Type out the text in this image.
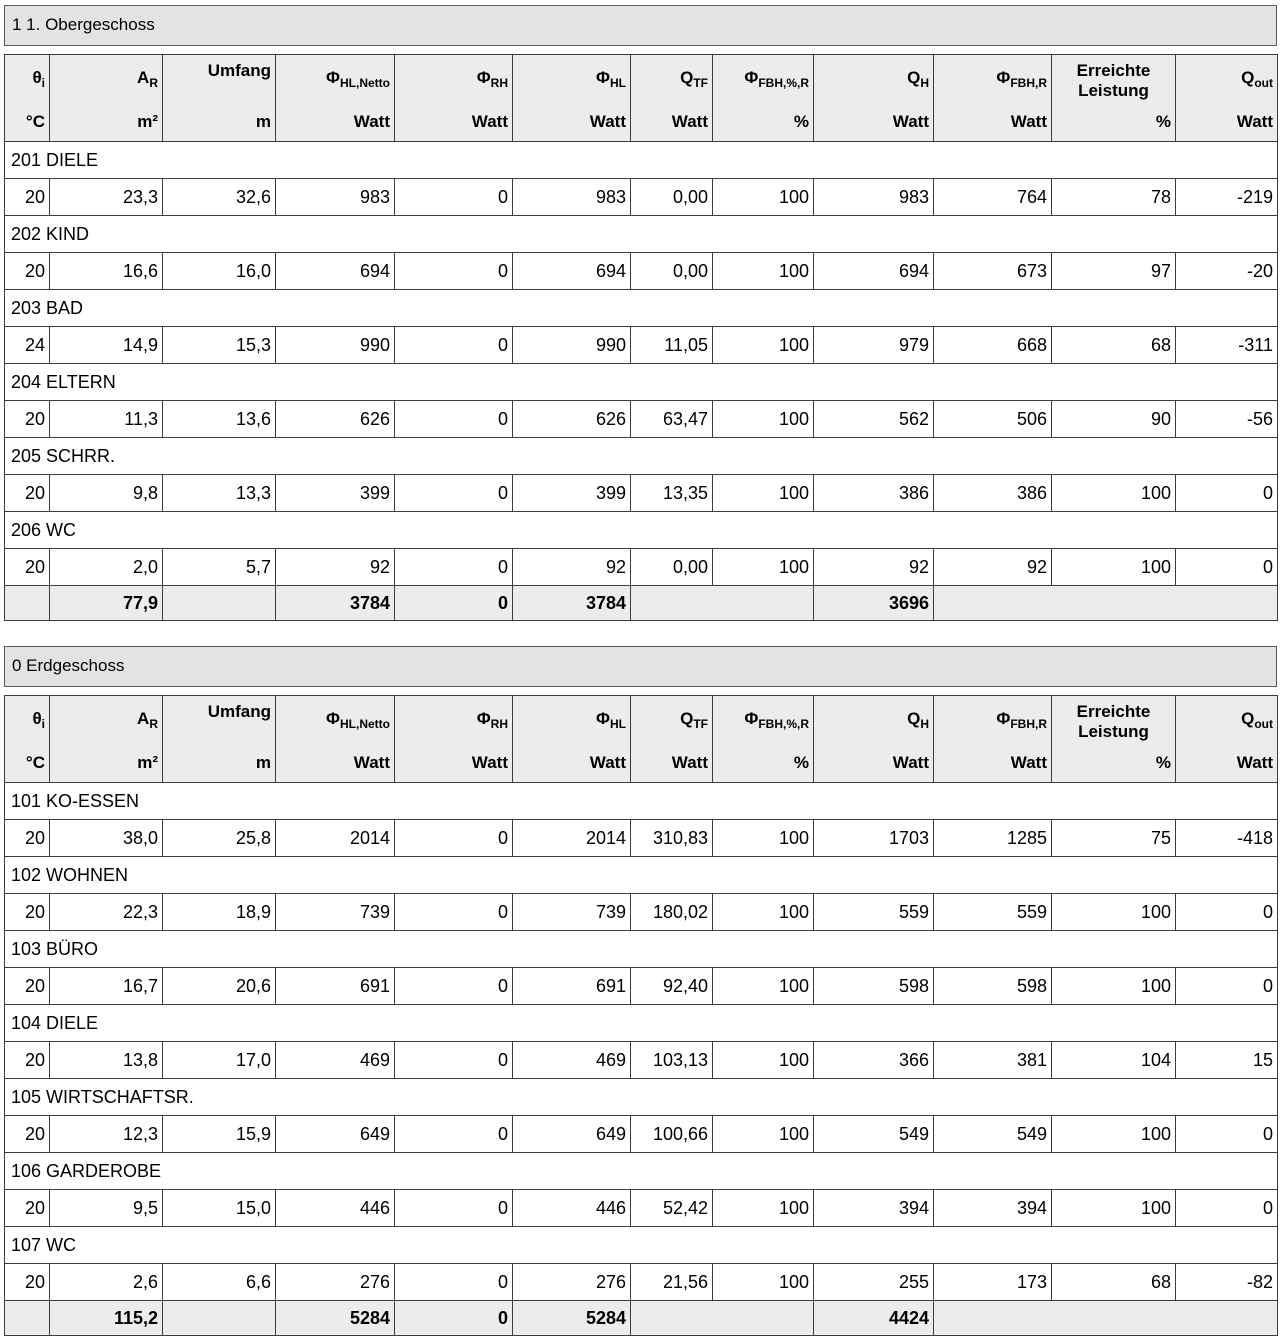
1 1. Obergeschoss
$\theta_i$	$A_R$	Umfang	$\Phi_{HL,Netto}$	$\Phi_{RH}$	$\Phi_{HL}$	$Q_{TF}$	$\Phi_{FBH,\%,R}$	$Q_H$	$\Phi_{FBH,R}$	Erreichte Leistung	$Q_{out}$
°C	m²	m	Watt	Watt	Watt	Watt	%	Watt	Watt	%	Watt
201 DIELE											
20	23,3	32,6	983	0	983	0,00	100	983	764	78	-219
202 KIND											
20	16,6	16,0	694	0	694	0,00	100	694	673	97	-20
203 BAD											
24	14,9	15,3	990	0	990	11,05	100	979	668	68	-311
204 ELTERN											
20	11,3	13,6	626	0	626	63,47	100	562	506	90	-56
205 SCHRR.											
20	9,8	13,3	399	0	399	13,35	100	386	386	100	0
206 WC											
20	2,0	5,7	92	0	92	0,00	100	92	92	100	0
	77,9		3784	0	3784			3696			
0 Erdgeschoss
$\theta_i$	$A_R$	Umfang	$\Phi_{HL,Netto}$	$\Phi_{RH}$	$\Phi_{HL}$	$Q_{TF}$	$\Phi_{FBH,\%,R}$	$Q_H$	$\Phi_{FBH,R}$	Erreichte Leistung	$Q_{out}$
°C	m²	m	Watt	Watt	Watt	Watt	%	Watt	Watt	%	Watt
101 KO-ESSEN											
20	38,0	25,8	2014	0	2014	310,83	100	1703	1285	75	-418
102 WOHNEN											
20	22,3	18,9	739	0	739	180,02	100	559	559	100	0
103 BÜRO											
20	16,7	20,6	691	0	691	92,40	100	598	598	100	0
104 DIELE											
20	13,8	17,0	469	0	469	103,13	100	366	381	104	15
105 WIRTSCHAFTSR.											
20	12,3	15,9	649	0	649	100,66	100	549	549	100	0
106 GARDEROBE											
20	9,5	15,0	446	0	446	52,42	100	394	394	100	0
107 WC											
20	2,6	6,6	276	0	276	21,56	100	255	173	68	-82
	115,2		5284	0	5284			4424			
